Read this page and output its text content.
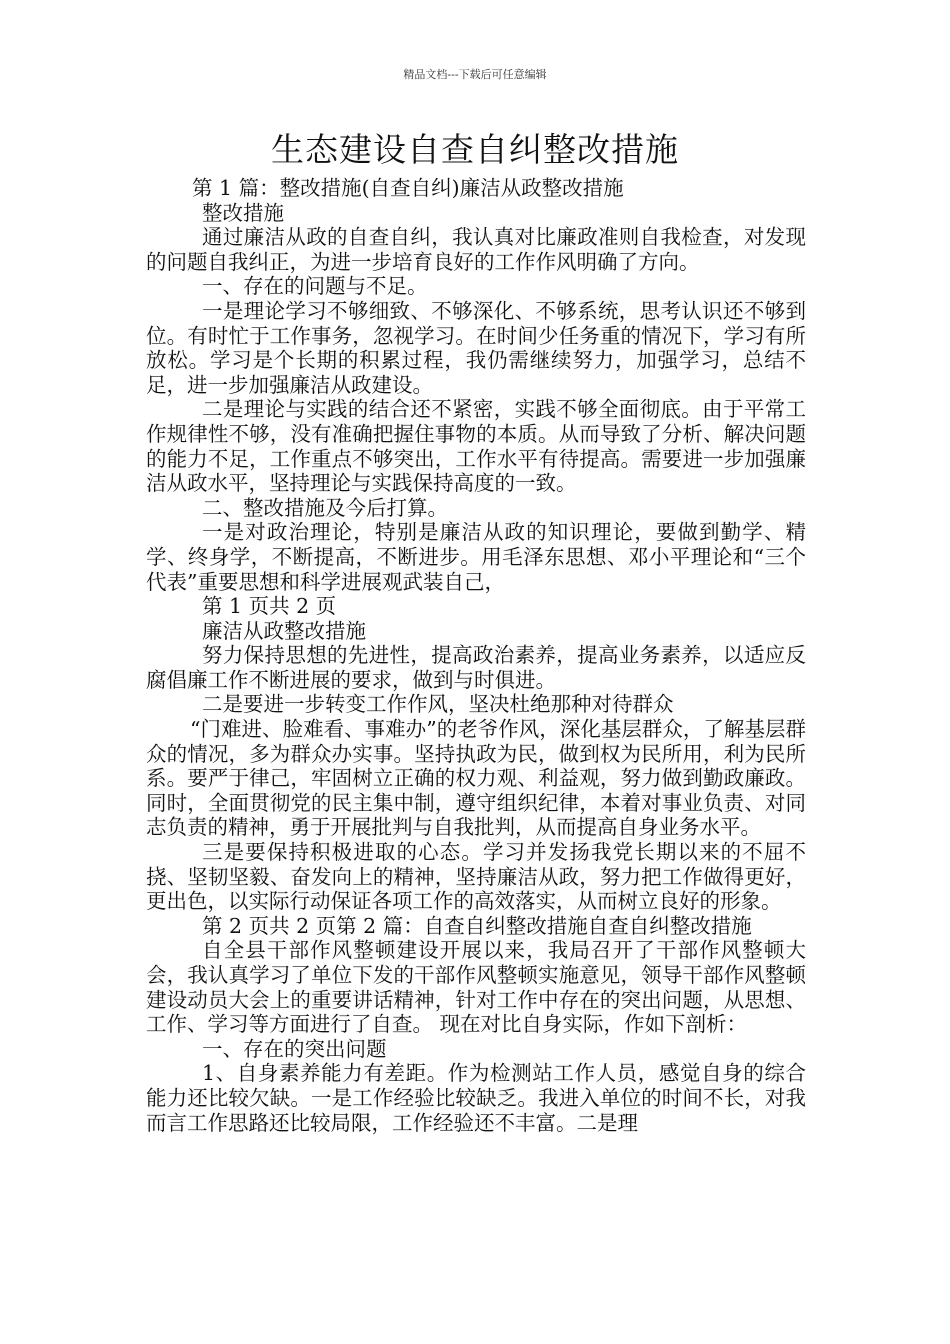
精品文档---下载后可任意编辑
生态建设自查自纠整改措施

第 1 篇：整改措施(自查自纠)廉洁从政整改措施

整改措施

通过廉洁从政的自查自纠，我认真对比廉政准则自我检查，对发现的问题自我纠正，为进一步培育良好的工作作风明确了方向。

一、存在的问题与不足。

一是理论学习不够细致、不够深化、不够系统，思考认识还不够到位。有时忙于工作事务，忽视学习。在时间少任务重的情况下，学习有所放松。学习是个长期的积累过程，我仍需继续努力，加强学习，总结不足，进一步加强廉洁从政建设。

二是理论与实践的结合还不紧密，实践不够全面彻底。由于平常工作规律性不够，没有准确把握住事物的本质。从而导致了分析、解决问题的能力不足，工作重点不够突出，工作水平有待提高。需要进一步加强廉洁从政水平，坚持理论与实践保持高度的一致。

二、整改措施及今后打算。

一是对政治理论，特别是廉洁从政的知识理论，要做到勤学、精学、终身学，不断提高，不断进步。用毛泽东思想、邓小平理论和“三个代表”重要思想和科学进展观武装自己，

第 1 页共 2 页

廉洁从政整改措施

努力保持思想的先进性，提高政治素养，提高业务素养，以适应反腐倡廉工作不断进展的要求，做到与时俱进。

二是要进一步转变工作作风，坚决杜绝那种对待群众

“门难进、脸难看、事难办”的老爷作风，深化基层群众，了解基层群众的情况，多为群众办实事。坚持执政为民，做到权为民所用，利为民所系。要严于律己，牢固树立正确的权力观、利益观，努力做到勤政廉政。同时，全面贯彻党的民主集中制，遵守组织纪律，本着对事业负责、对同志负责的精神，勇于开展批判与自我批判，从而提高自身业务水平。

三是要保持积极进取的心态。学习并发扬我党长期以来的不屈不挠、坚韧坚毅、奋发向上的精神，坚持廉洁从政，努力把工作做得更好，更出色，以实际行动保证各项工作的高效落实，从而树立良好的形象。

第 2 页共 2 页第 2 篇：自查自纠整改措施自查自纠整改措施

自全县干部作风整顿建设开展以来，我局召开了干部作风整顿大会，我认真学习了单位下发的干部作风整顿实施意见，领导干部作风整顿建设动员大会上的重要讲话精神，针对工作中存在的突出问题，从思想、工作、学习等方面进行了自查。 现在对比自身实际，作如下剖析：

一、存在的突出问题

1、自身素养能力有差距。作为检测站工作人员，感觉自身的综合能力还比较欠缺。一是工作经验比较缺乏。我进入单位的时间不长，对我而言工作思路还比较局限，工作经验还不丰富。二是理
